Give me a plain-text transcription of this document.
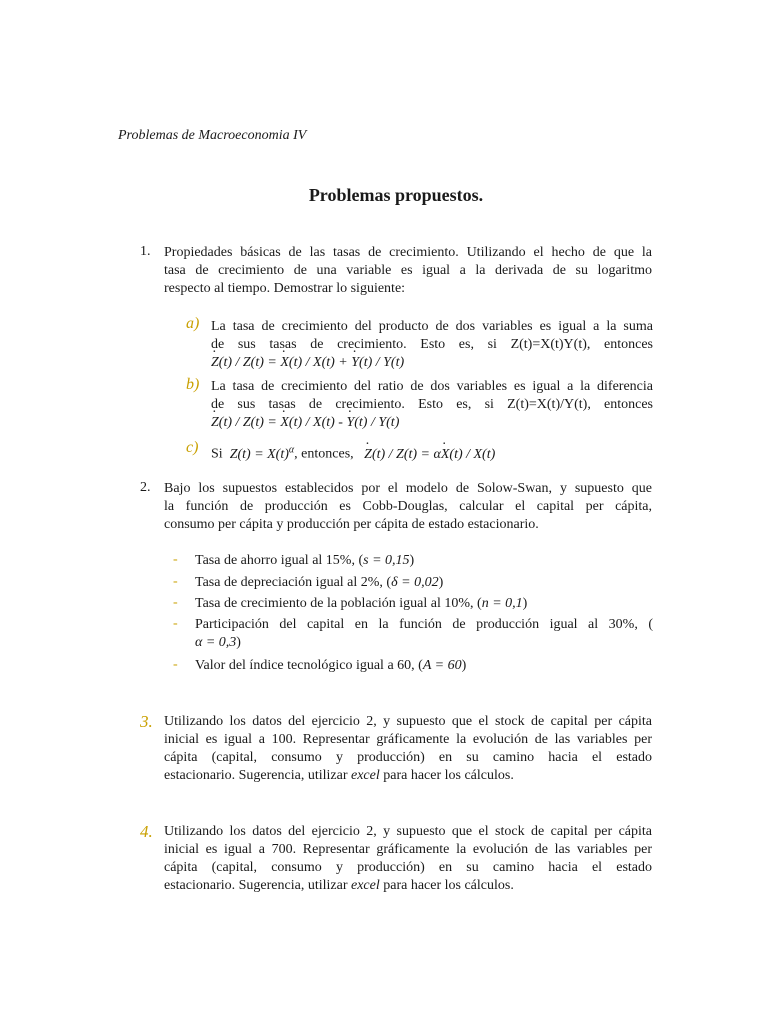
Problemas de Macroeconomia IV
Problemas propuestos.
1. Propiedades básicas de las tasas de crecimiento. Utilizando el hecho de que la
tasa de crecimiento de una variable es igual a la derivada de su logaritmo
respecto al tiempo. Demostrar lo siguiente:
a) La tasa de crecimiento del producto de dos variables es igual a la suma
de sus tasas de crecimiento. Esto es, si Z(t)=X(t)Y(t), entonces
Z ·(t) / Z(t) = X ·(t) / X(t) + Y ·(t) / Y(t)
b) La tasa de crecimiento del ratio de dos variables es igual a la diferencia
de sus tasas de crecimiento. Esto es, si Z(t)=X(t)/Y(t), entonces
Z ·(t) / Z(t) = X ·(t) / X(t) - Y ·(t) / Y(t)
c) Si $Z(t) = X(t)^\alpha$, entonces, Z ·(t) / Z(t) = αX ·(t) / X(t)
2. Bajo los supuestos establecidos por el modelo de Solow-Swan, y supuesto que
la función de producción es Cobb-Douglas, calcular el capital per cápita,
consumo per cápita y producción per cápita de estado estacionario.
- Tasa de ahorro igual al 15%, (s = 0,15)
- Tasa de depreciación igual al 2%, (δ = 0,02)
- Tasa de crecimiento de la población igual al 10%, (n = 0,1)
- Participación del capital en la función de producción igual al 30%, (
α = 0,3)
- Valor del índice tecnológico igual a 60, (A = 60)
3. Utilizando los datos del ejercicio 2, y supuesto que el stock de capital per cápita
inicial es igual a 100. Representar gráficamente la evolución de las variables per
cápita (capital, consumo y producción) en su camino hacia el estado
estacionario. Sugerencia, utilizar excel para hacer los cálculos.
4. Utilizando los datos del ejercicio 2, y supuesto que el stock de capital per cápita
inicial es igual a 700. Representar gráficamente la evolución de las variables per
cápita (capital, consumo y producción) en su camino hacia el estado
estacionario. Sugerencia, utilizar excel para hacer los cálculos.
